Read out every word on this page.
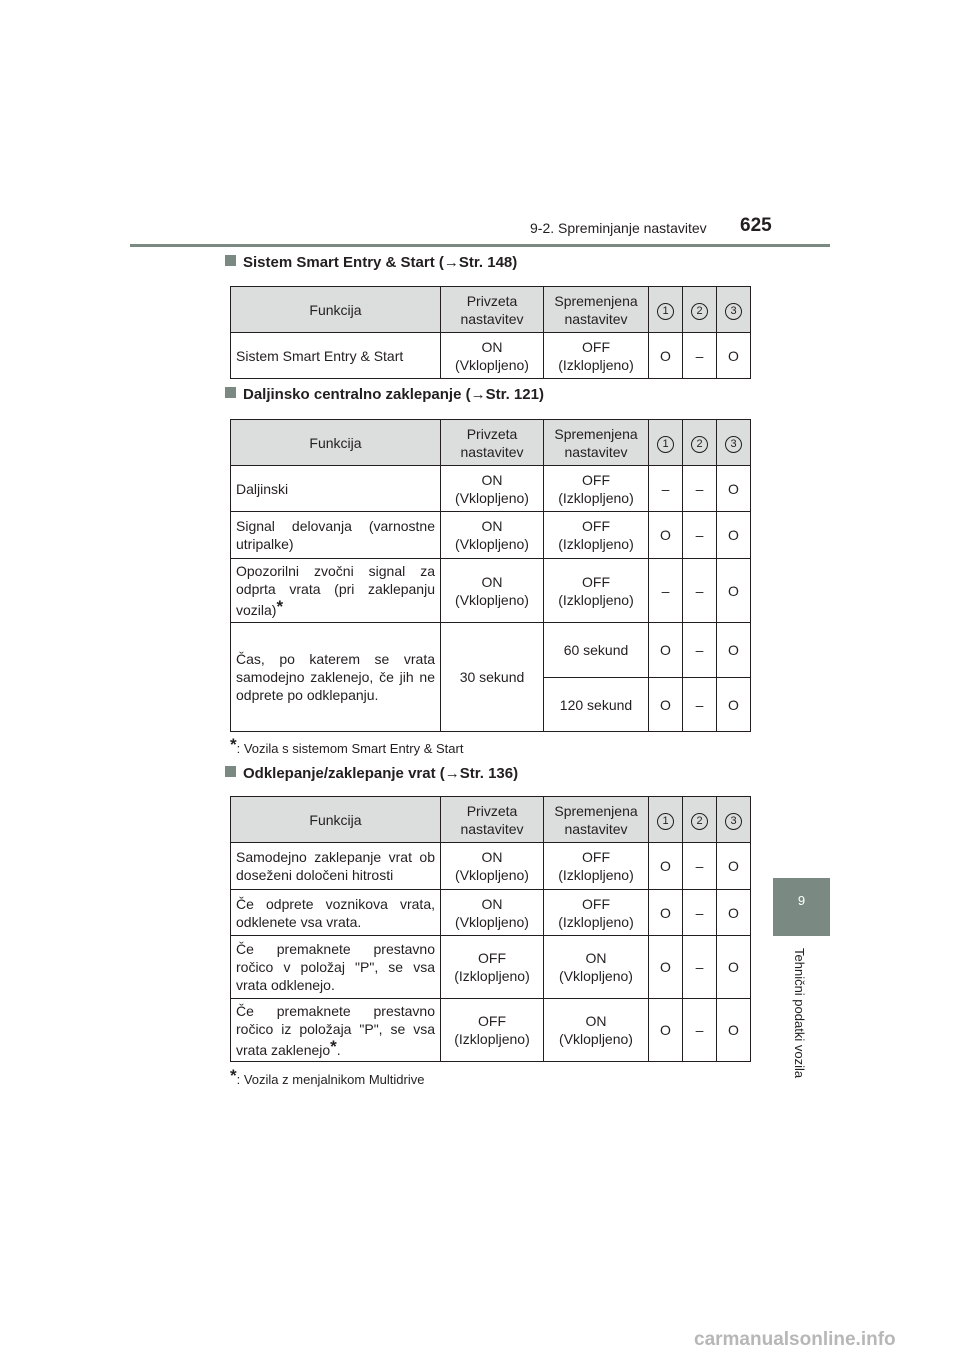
9-2. Spreminjanje nastavitev 625
9
Tehnični podatki vozila
Sistem Smart Entry & Start (→Str. 148)
Funkcija	Privzeta nastavitev	Spremenjena nastavitev	1	2	3
Sistem Smart Entry & Start	ON (Vklopljeno)	OFF (Izklopljeno)	O	–	O
Daljinsko centralno zaklepanje (→Str. 121)
Funkcija	Privzeta nastavitev	Spremenjena nastavitev	1	2	3
Daljinski	ON (Vklopljeno)	OFF (Izklopljeno)	–	–	O
Signal delovanja (varnostne utripalke)	ON (Vklopljeno)	OFF (Izklopljeno)	O	–	O
Opozorilni zvočni signal za odprta vrata (pri zaklepanju vozila)*	ON (Vklopljeno)	OFF (Izklopljeno)	–	–	O
Čas, po katerem se vrata samodejno zaklenejo, če jih ne odprete po odklepanju.	30 sekund	60 sekund	O	–	O
		120 sekund	O	–	O
*: Vozila s sistemom Smart Entry & Start
Odklepanje/zaklepanje vrat (→Str. 136)
Funkcija	Privzeta nastavitev	Spremenjena nastavitev	1	2	3
Samodejno zaklepanje vrat ob doseženi določeni hitrosti	ON (Vklopljeno)	OFF (Izklopljeno)	O	–	O
Če odprete voznikova vrata, odklenete vsa vrata.	ON (Vklopljeno)	OFF (Izklopljeno)	O	–	O
Če premaknete prestavno ročico v položaj "P", se vsa vrata odklenejo.	OFF (Izklopljeno)	ON (Vklopljeno)	O	–	O
Če premaknete prestavno ročico iz položaja "P", se vsa vrata zaklenejo*.	OFF (Izklopljeno)	ON (Vklopljeno)	O	–	O
*: Vozila z menjalnikom Multidrive
carmanualsonline.info
